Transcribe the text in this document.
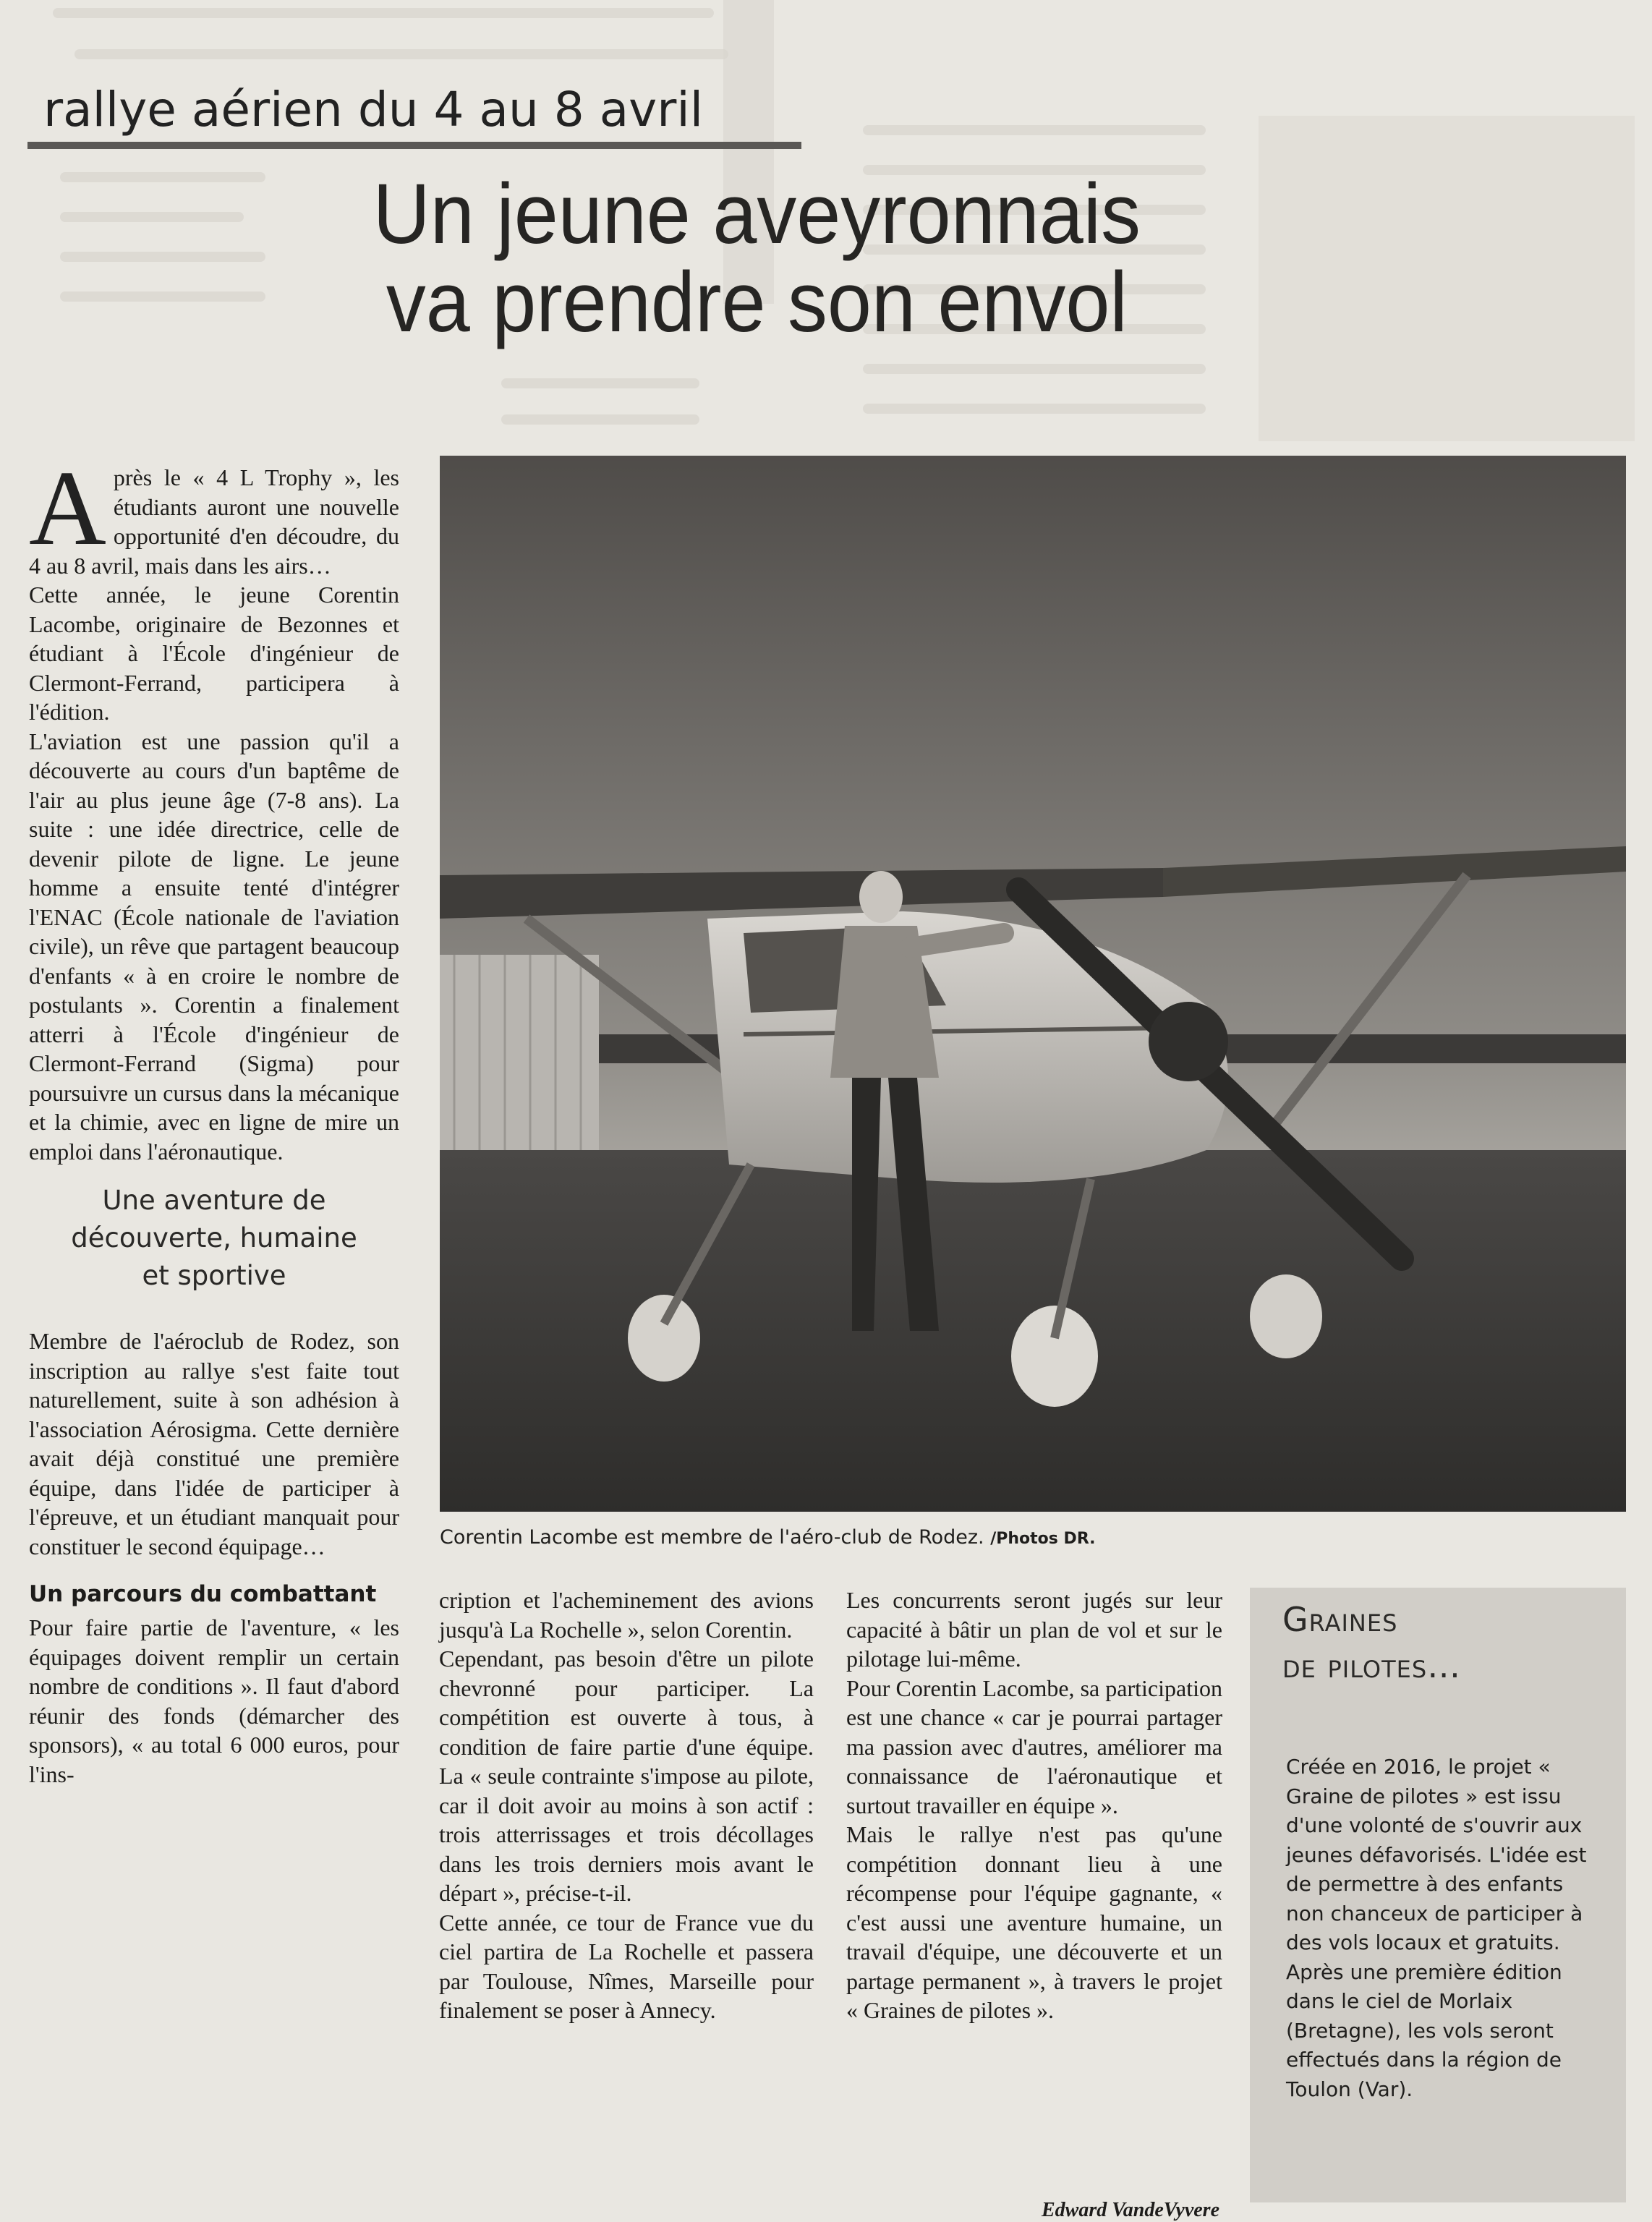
rallye aérien du 4 au 8 avril
Un jeune aveyronnais
va prendre son envol
A près le « 4 L Trophy », les étudiants auront une nouvelle opportunité d'en découdre, du 4 au 8 avril, mais dans les airs…

Cette année, le jeune Corentin Lacombe, originaire de Bezonnes et étudiant à l'École d'ingénieur de Clermont-Ferrand, participera à l'édition.

L'aviation est une passion qu'il a découverte au cours d'un baptême de l'air au plus jeune âge (7-8 ans). La suite : une idée directrice, celle de devenir pilote de ligne. Le jeune homme a ensuite tenté d'intégrer l'ENAC (École nationale de l'aviation civile), un rêve que partagent beaucoup d'enfants « à en croire le nombre de postulants ». Corentin a finalement atterri à l'École d'ingénieur de Clermont-Ferrand (Sigma) pour poursuivre un cursus dans la mécanique et la chimie, avec en ligne de mire un emploi dans l'aéronautique.

Une aventure de découverte, humaine et sportive

Membre de l'aéroclub de Rodez, son inscription au rallye s'est faite tout naturellement, suite à son adhésion à l'association Aérosigma. Cette dernière avait déjà constitué une première équipe, dans l'idée de participer à l'épreuve, et un étudiant manquait pour constituer le second équipage…

Un parcours du combattant

Pour faire partie de l'aventure, « les équipages doivent remplir un certain nombre de conditions ». Il faut d'abord réunir des fonds (démarcher des sponsors), « au total 6 000 euros, pour l'ins-

Corentin Lacombe est membre de l'aéro-club de Rodez. /Photos DR.

cription et l'acheminement des avions jusqu'à La Rochelle », selon Corentin.

Cependant, pas besoin d'être un pilote chevronné pour participer. La compétition est ouverte à tous, à condition de faire partie d'une équipe. La « seule contrainte s'impose au pilote, car il doit avoir au moins à son actif : trois atterrissages et trois décollages dans les trois derniers mois avant le départ », précise-t-il.

Cette année, ce tour de France vue du ciel partira de La Rochelle et passera par Toulouse, Nîmes, Marseille pour finalement se poser à Annecy.

Les concurrents seront jugés sur leur capacité à bâtir un plan de vol et sur le pilotage lui-même.

Pour Corentin Lacombe, sa participation est une chance « car je pourrai partager ma passion avec d'autres, améliorer ma connaissance de l'aéronautique et surtout travailler en équipe ».

Mais le rallye n'est pas qu'une compétition donnant lieu à une récompense pour l'équipe gagnante, « c'est aussi une aventure humaine, un travail d'équipe, une découverte et un partage permanent », à travers le projet « Graines de pilotes ».

Edward VandeVyvere
Graines
de pilotes…
Créée en 2016, le projet « Graine de pilotes » est issu d'une volonté de s'ouvrir aux jeunes défavorisés. L'idée est de permettre à des enfants non chanceux de participer à des vols locaux et gratuits. Après une première édition dans le ciel de Morlaix (Bretagne), les vols seront effectués dans la région de Toulon (Var).
